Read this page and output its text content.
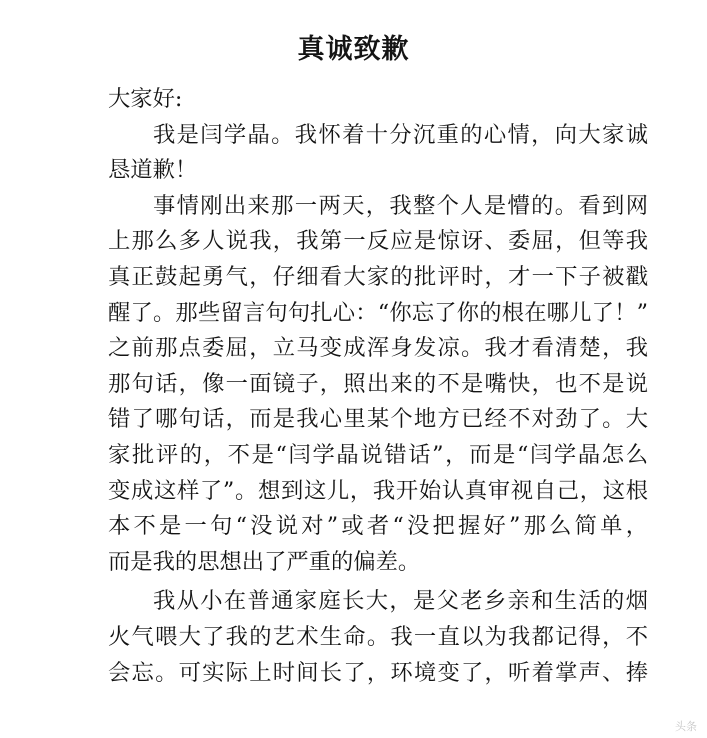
真诚致歉
大家好:
我是闫学晶。我怀着十分沉重的心情，向大家诚
恳道歉！
事情刚出来那一两天，我整个人是懵的。看到网
上那么多人说我，我第一反应是惊讶、委屈，但等我
真正鼓起勇气，仔细看大家的批评时，才一下子被戳
醒了。那些留言句句扎心：“你忘了你的根在哪儿了！”
之前那点委屈，立马变成浑身发凉。我才看清楚，我
那句话，像一面镜子，照出来的不是嘴快，也不是说
错了哪句话，而是我心里某个地方已经不对劲了。大
家批评的，不是“闫学晶说错话”，而是“闫学晶怎么
变成这样了”。想到这儿，我开始认真审视自己，这根
本不是一句“没说对”或者“没把握好”那么简单，
而是我的思想出了严重的偏差。
我从小在普通家庭长大，是父老乡亲和生活的烟
火气喂大了我的艺术生命。我一直以为我都记得，不
会忘。可实际上时间长了，环境变了，听着掌声、捧
头条
